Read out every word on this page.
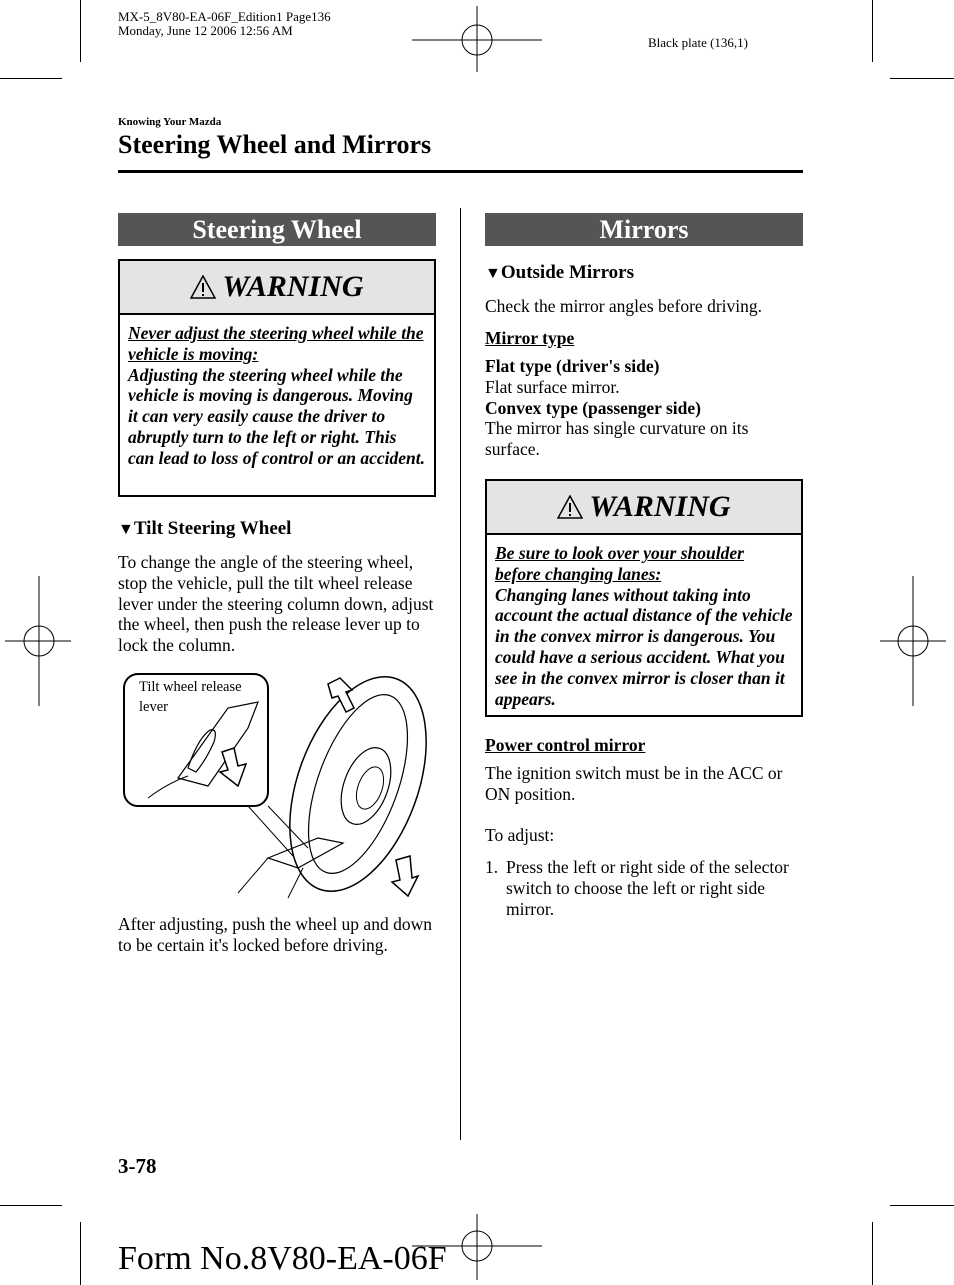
MX-5_8V80-EA-06F_Edition1 Page136
Monday, June 12 2006 12:56 AM
Black plate (136,1)
Knowing Your Mazda
Steering Wheel and Mirrors
Steering Wheel
WARNING
Never adjust the steering wheel while the vehicle is moving:
Adjusting the steering wheel while the vehicle is moving is dangerous. Moving it can very easily cause the driver to abruptly turn to the left or right. This can lead to loss of control or an accident.
▼Tilt Steering Wheel
To change the angle of the steering wheel, stop the vehicle, pull the tilt wheel release lever under the steering column down, adjust the wheel, then push the release lever up to lock the column.
Tilt wheel release lever
After adjusting, push the wheel up and down to be certain it's locked before driving.
Mirrors
▼Outside Mirrors
Check the mirror angles before driving.
Mirror type
Flat type (driver's side)
Flat surface mirror.
Convex type (passenger side)
The mirror has single curvature on its surface.
WARNING
Be sure to look over your shoulder before changing lanes:
Changing lanes without taking into account the actual distance of the vehicle in the convex mirror is dangerous. You could have a serious accident. What you see in the convex mirror is closer than it appears.
Power control mirror
The ignition switch must be in the ACC or ON position.
To adjust:
1. Press the left or right side of the selector switch to choose the left or right side mirror.
3-78
Form No.8V80-EA-06F
